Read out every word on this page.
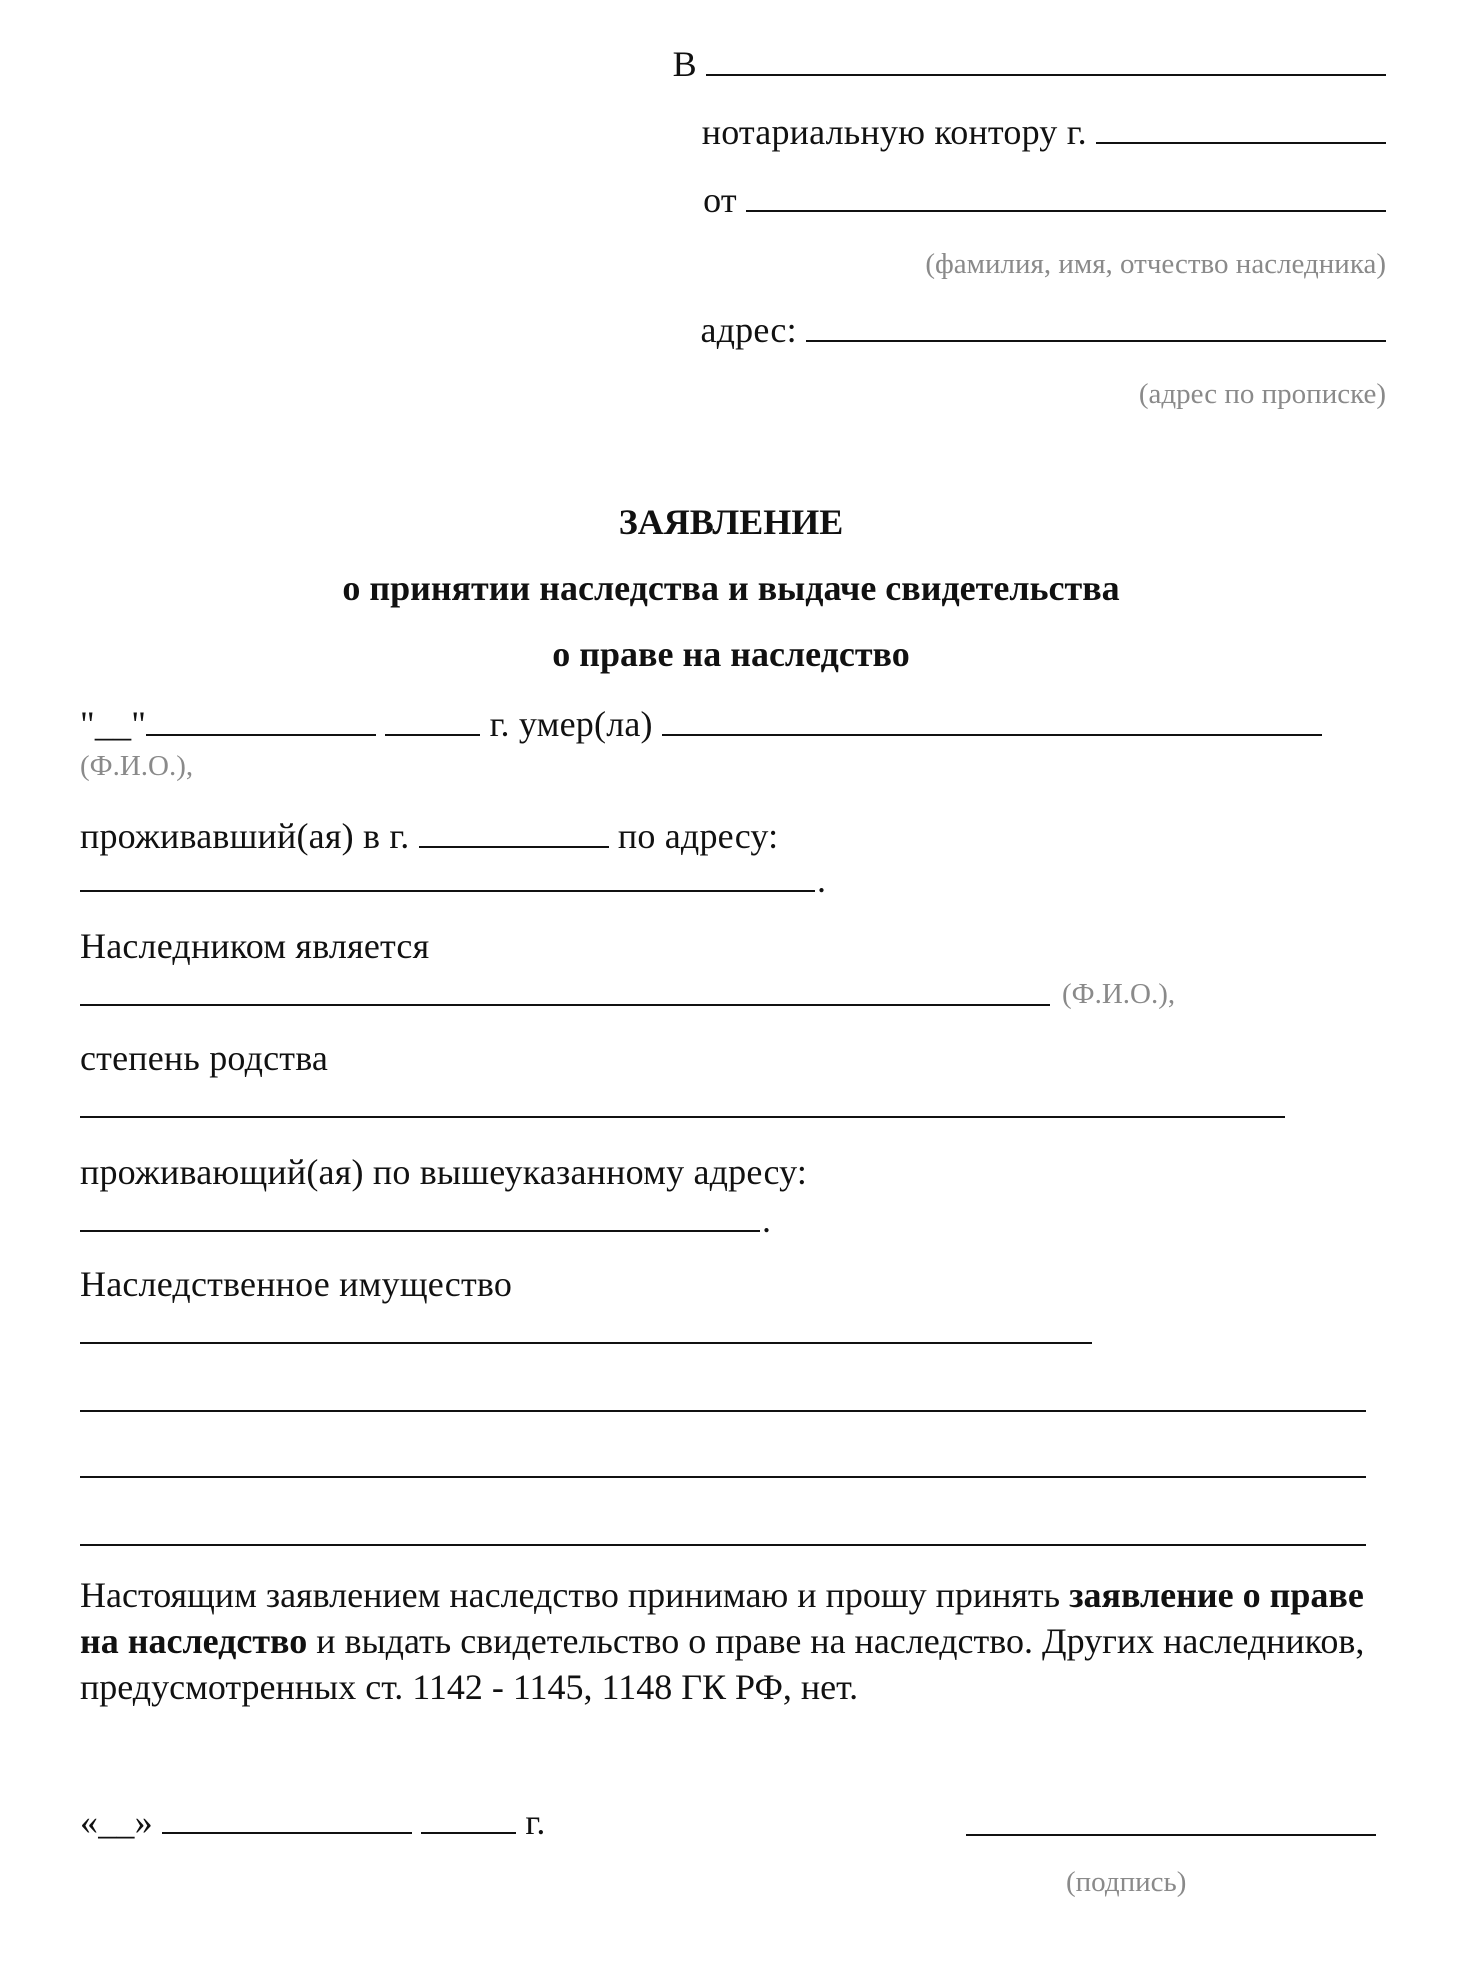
В
нотариальную контору г.
от
(фамилия, имя, отчество наследника)
адрес:
(адрес по прописке)
ЗАЯВЛЕНИЕ
о принятии наследства и выдаче свидетельства
о праве на наследство
"__"	г. умер(ла)
(Ф.И.О.),
проживавший(ая) в г.	по адресу:
.
Наследником является
(Ф.И.О.),
степень родства
проживающий(ая) по вышеуказанному адресу:
.
Наследственное имущество
Настоящим заявлением наследство принимаю и прошу принять заявление о праве на наследство и выдать свидетельство о праве на наследство. Других наследников, предусмотренных ст. 1142 - 1145, 1148 ГК РФ, нет.
«__»	г.
(подпись)
